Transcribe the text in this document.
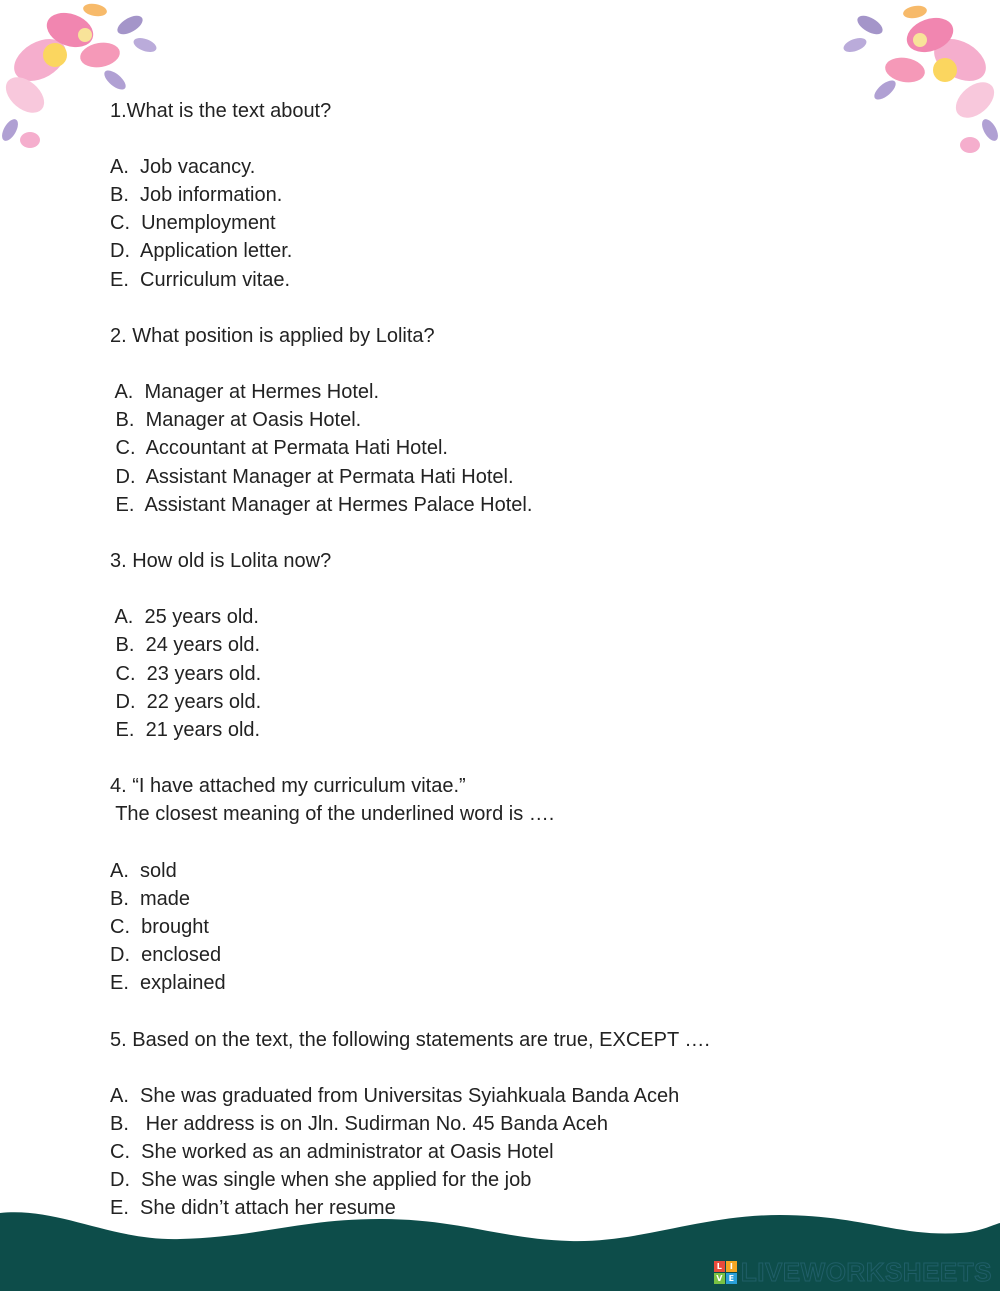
1.What is the text about?
A.  Job vacancy.
B.  Job information.
C.  Unemployment
D.  Application letter.
E.  Curriculum vitae.
2. What position is applied by Lolita?
A.  Manager at Hermes Hotel.
B.  Manager at Oasis Hotel.
C.  Accountant at Permata Hati Hotel.
D.  Assistant Manager at Permata Hati Hotel.
E.  Assistant Manager at Hermes Palace Hotel.
3. How old is Lolita now?
A.  25 years old.
B.  24 years old.
C.  23 years old.
D.  22 years old.
E.  21 years old.
4. “I have attached my curriculum vitae.”
The closest meaning of the underlined word is ….
A.  sold
B.  made
C.  brought
D.  enclosed
E.  explained
5. Based on the text, the following statements are true, EXCEPT ….
A.  She was graduated from Universitas Syiahkuala Banda Aceh
B.   Her address is on Jln. Sudirman No. 45 Banda Aceh
C.  She worked as an administrator at Oasis Hotel
D.  She was single when she applied for the job
E.  She didn’t attach her resume
L I
V E LIVEWORKSHEETS
